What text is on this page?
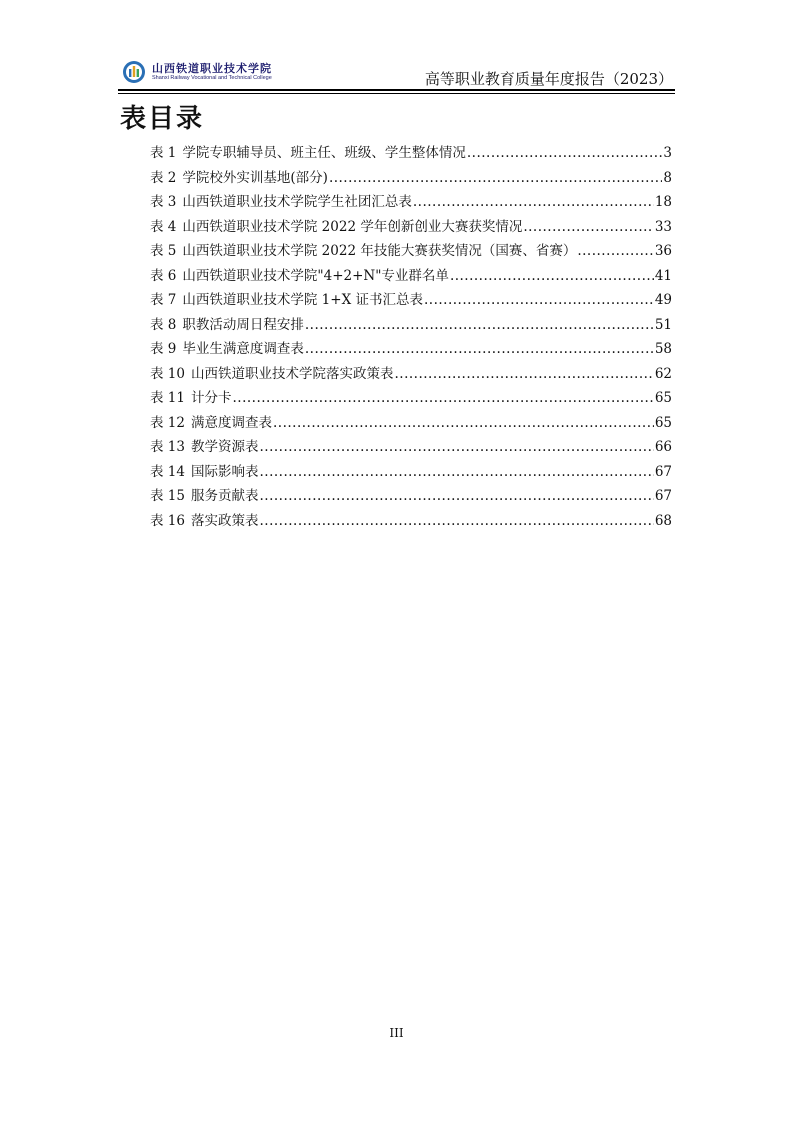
山西铁道职业技术学院
Shanxi Railway Vocational and Technical College	高等职业教育质量年度报告（2023）
表目录
表 1 学院专职辅导员、班主任、班级、学生整体情况 .....	3
表 2 学院校外实训基地(部分) .....	8
表 3 山西铁道职业技术学院学生社团汇总表 .....	18
表 4 山西铁道职业技术学院 2022 学年创新创业大赛获奖情况 .....	33
表 5 山西铁道职业技术学院 2022 年技能大赛获奖情况（国赛、省赛） .....	36
表 6 山西铁道职业技术学院"4+2+N"专业群名单 .....	41
表 7 山西铁道职业技术学院 1+X 证书汇总表 .....	49
表 8 职教活动周日程安排 .....	51
表 9 毕业生满意度调查表 .....	58
表 10 山西铁道职业技术学院落实政策表 .....	62
表 11 计分卡 .....	65
表 12 满意度调查表 .....	65
表 13 教学资源表 .....	66
表 14 国际影响表 .....	67
表 15 服务贡献表 .....	67
表 16 落实政策表 .....	68
III
